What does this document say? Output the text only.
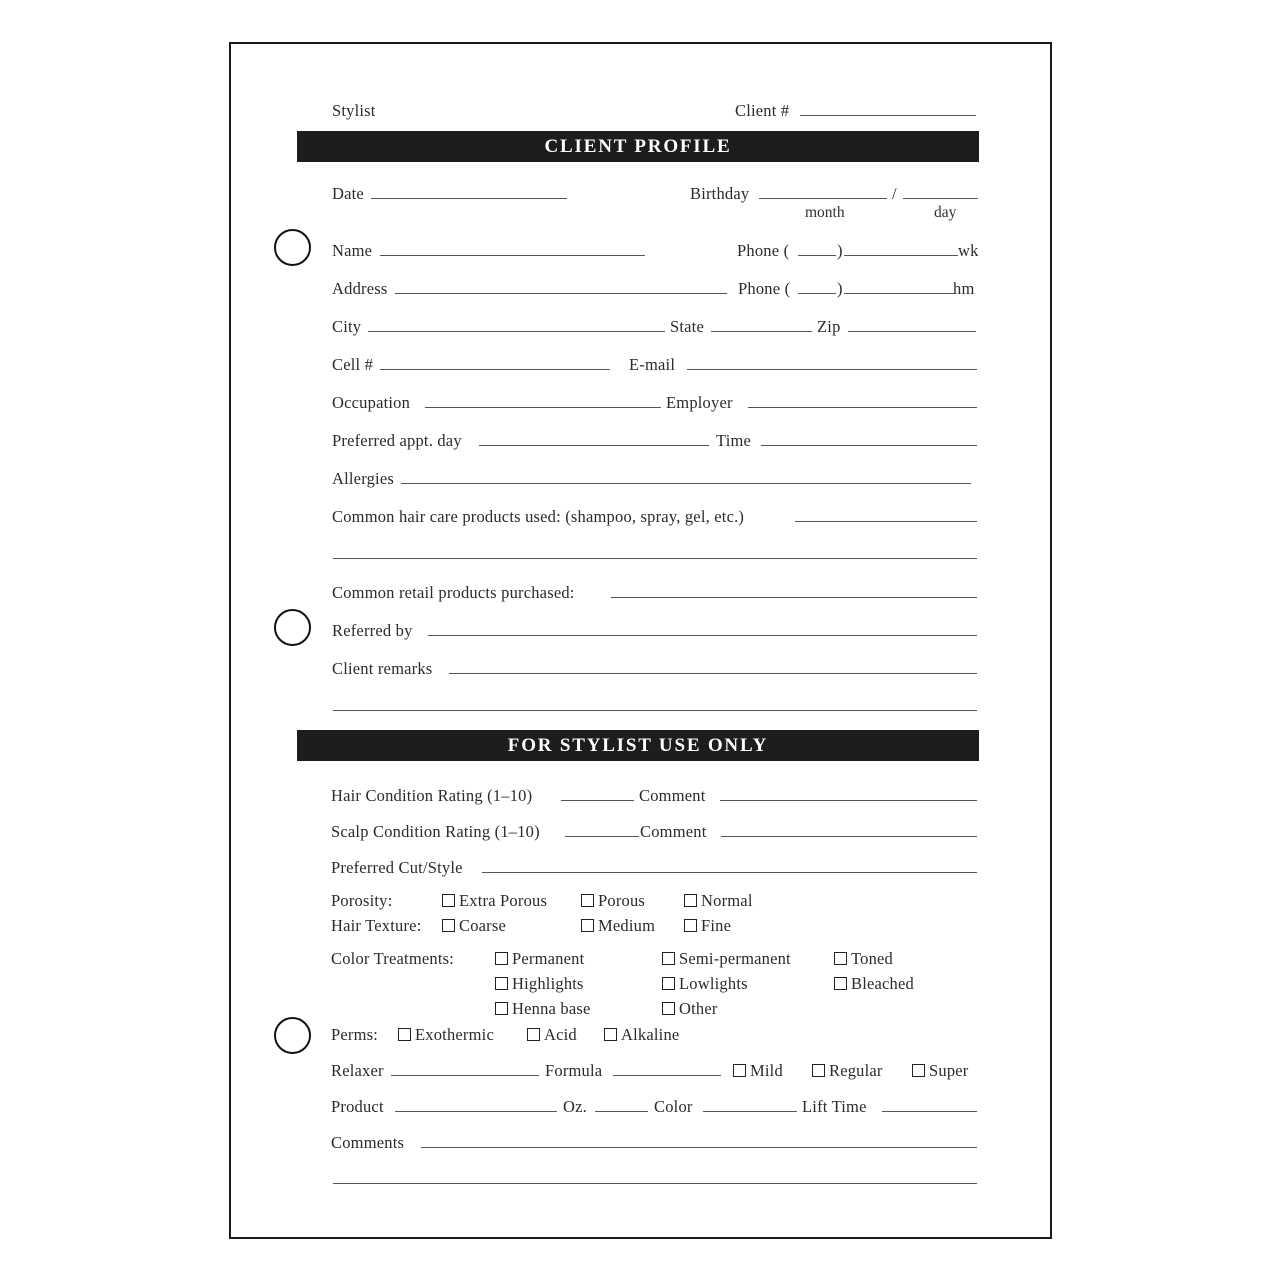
Stylist	Client #
CLIENT PROFILE
Date	Birthday	/
month	day
Name	Phone (	)	wk
Address	Phone (	)	hm
City	State	Zip
Cell #	E-mail
Occupation	Employer
Preferred appt. day	Time
Allergies
Common hair care products used: (shampoo, spray, gel, etc.)
Common retail products purchased:
Referred by
Client remarks
FOR STYLIST USE ONLY
Hair Condition Rating (1–10)	Comment
Scalp Condition Rating (1–10)	Comment
Preferred Cut/Style
Porosity:	Extra Porous	Porous	Normal
Hair Texture: Coarse	Medium	Fine
Color Treatments:	Permanent	Semi-permanent	Toned
Highlights	Lowlights	Bleached
Henna base	Other
Perms: Exothermic	Acid	Alkaline
Relaxer	Formula	Mild	Regular	Super
Product	Oz.	Color	Lift Time
Comments
